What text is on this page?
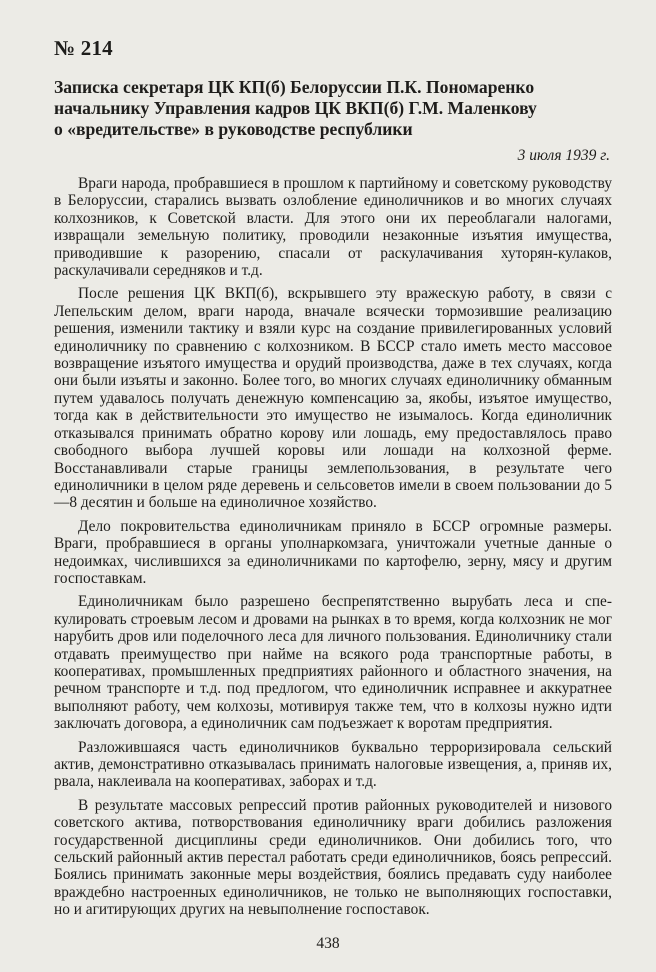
№ 214
Записка секретаря ЦК КП(б) Белоруссии П.К. Пономаренко
начальнику Управления кадров ЦК ВКП(б) Г.М. Маленкову
о «вредительстве» в руководстве республики
3 июля 1939 г.

Враги народа, пробравшиеся в прошлом к партийному и советскому руководству в Белоруссии, старались вызвать озлобление единоличников и во многих случаях колхозников, к Советской власти. Для этого они их переоблагали налогами, извращали земельную политику, проводили незаконные изъятия имущества, приводившие к разорению, спасали от раскулачивания хуторян-кулаков, раскулачивали середняков и т.д.

После решения ЦК ВКП(б), вскрывшего эту вражескую работу, в связи с Лепельским делом, враги народа, вначале всячески тормозившие реализацию решения, изменили тактику и взяли курс на создание привилегированных условий единоличнику по сравнению с колхозником. В БССР стало иметь место массовое возвращение изъятого имущества и орудий производства, даже в тех случаях, когда они были изъяты и законно. Более того, во многих случаях единоличнику обманным путем удавалось получать денежную компенсацию за, якобы, изъятое имущество, тогда как в действительности это имущество не изымалось. Когда единоличник отказывался принимать обратно корову или лошадь, ему предоставлялось право свободного выбора лучшей коровы или лошади на колхозной ферме. Восстанавливали старые границы землепользования, в результате чего единоличники в целом ряде деревень и сельсоветов имели в своем пользовании до 5—8 десятин и больше на единоличное хозяйство.

Дело покровительства единоличникам приняло в БССР огромные размеры. Враги, пробравшиеся в органы уполнаркомзага, уничтожали учетные данные о недоимках, числившихся за единоличниками по картофелю, зерну, мясу и другим госпоставкам.

Единоличникам было разрешено беспрепятственно вырубать леса и спекулировать строевым лесом и дровами на рынках в то время, когда колхозник не мог нарубить дров или поделочного леса для личного пользования. Единоличнику стали отдавать преимущество при найме на всякого рода транспортные работы, в кооперативах, промышленных предприятиях районного и областного значения, на речном транспорте и т.д. под предлогом, что единоличник исправнее и аккуратнее выполняют работу, чем колхозы, мотивируя также тем, что в колхозы нужно идти заключать договора, а единоличник сам подъезжает к воротам предприятия.

Разложившаяся часть единоличников буквально терроризировала сельский актив, демонстративно отказывалась принимать налоговые извещения, а, приняв их, рвала, наклеивала на кооперативах, заборах и т.д.

В результате массовых репрессий против районных руководителей и низового советского актива, потворствования единоличнику враги добились разложения государственной дисциплины среди единоличников. Они добились того, что сельский районный актив перестал работать среди единоличников, боясь репрессий. Боялись принимать законные меры воздействия, боялись предавать суду наиболее враждебно настроенных единоличников, не только не выполняющих госпоставки, но и агитирующих других на невыполнение госпоставок.

438
